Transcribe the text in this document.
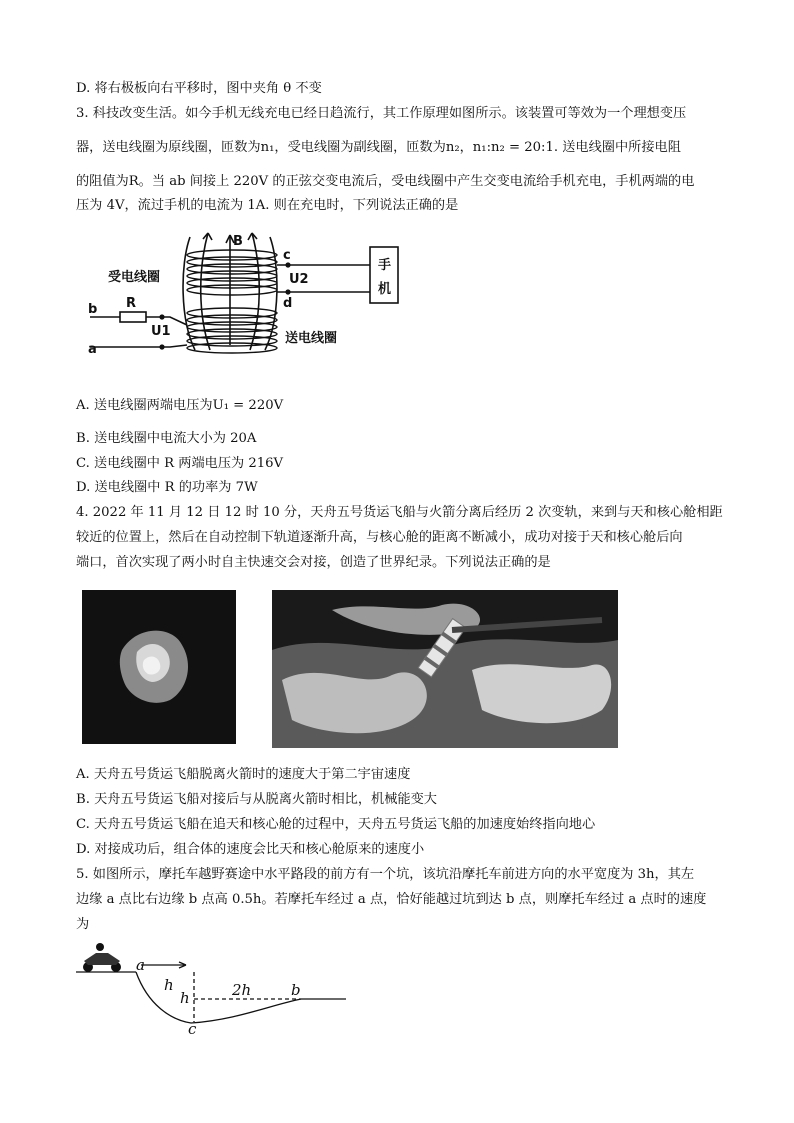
D. 将右极板向右平移时，图中夹角 θ 不变
3. 科技改变生活。如今手机无线充电已经日趋流行，其工作原理如图所示。该装置可等效为一个理想变压
器，送电线圈为原线圈，匝数为n₁，受电线圈为副线圈，匝数为n₂，n₁:n₂ = 20:1. 送电线圈中所接电阻
的阻值为R。当 ab 间接上 220V 的正弦交变电流后，受电线圈中产生交变电流给手机充电，手机两端的电
压为 4V，流过手机的电流为 1A. 则在充电时，下列说法正确的是
B
受电线圈
送电线圈
手
机
c
d
U2
U1
b
a
R
A. 送电线圈两端电压为U₁ = 220V
B. 送电线圈中电流大小为 20A
C. 送电线圈中 R 两端电压为 216V
D. 送电线圈中 R 的功率为 7W
4. 2022 年 11 月 12 日 12 时 10 分，天舟五号货运飞船与火箭分离后经历 2 次变轨，来到与天和核心舱相距
较近的位置上，然后在自动控制下轨道逐渐升高，与核心舱的距离不断减小，成功对接于天和核心舱后向
端口，首次实现了两小时自主快速交会对接，创造了世界纪录。下列说法正确的是
A. 天舟五号货运飞船脱离火箭时的速度大于第二宇宙速度
B. 天舟五号货运飞船对接后与从脱离火箭时相比，机械能变大
C. 天舟五号货运飞船在追天和核心舱的过程中，天舟五号货运飞船的加速度始终指向地心
D. 对接成功后，组合体的速度会比天和核心舱原来的速度小
5. 如图所示，摩托车越野赛途中水平路段的前方有一个坑，该坑沿摩托车前进方向的水平宽度为 3h，其左
边缘 a 点比右边缘 b 点高 0.5h。若摩托车经过 a 点，恰好能越过坑到达 b 点，则摩托车经过 a 点时的速度
为
a
b
c
h
h	2h
